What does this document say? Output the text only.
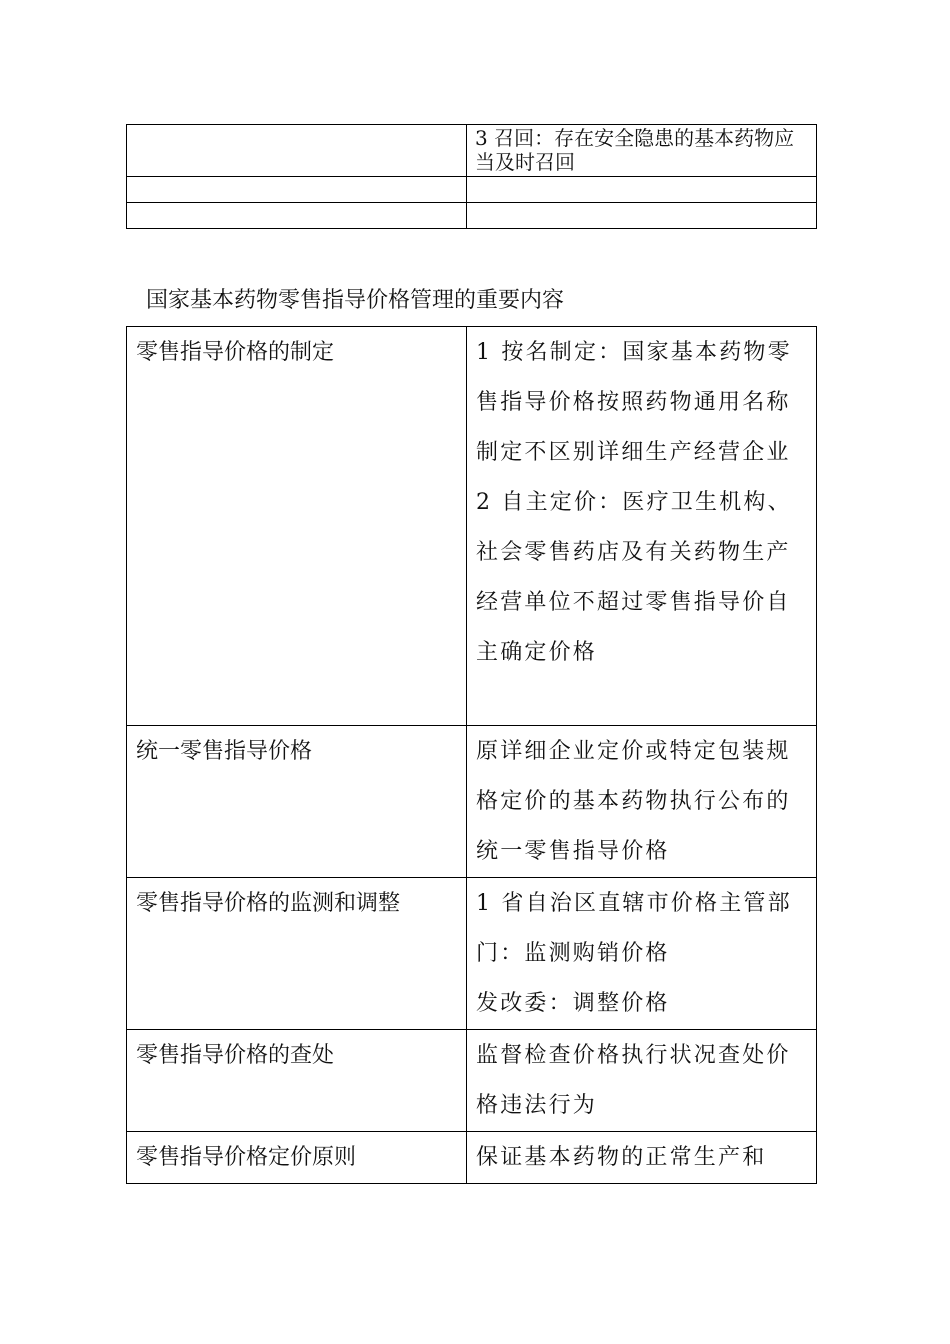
	3 召回：存在安全隐患的基本药物应当及时召回

国家基本药物零售指导价格管理的重要内容
零售指导价格的制定	1 按名制定：国家基本药物零售指导价格按照药物通用名称制定不区别详细生产经营企业
2 自主定价：医疗卫生机构、社会零售药店及有关药物生产经营单位不超过零售指导价自主确定价格

统一零售指导价格	原详细企业定价或特定包装规格定价的基本药物执行公布的统一零售指导价格

零售指导价格的监测和调整	1 省自治区直辖市价格主管部门：监测购销价格
发改委：调整价格

零售指导价格的查处	监督检查价格执行状况查处价格违法行为

零售指导价格定价原则	保证基本药物的正常生产和
